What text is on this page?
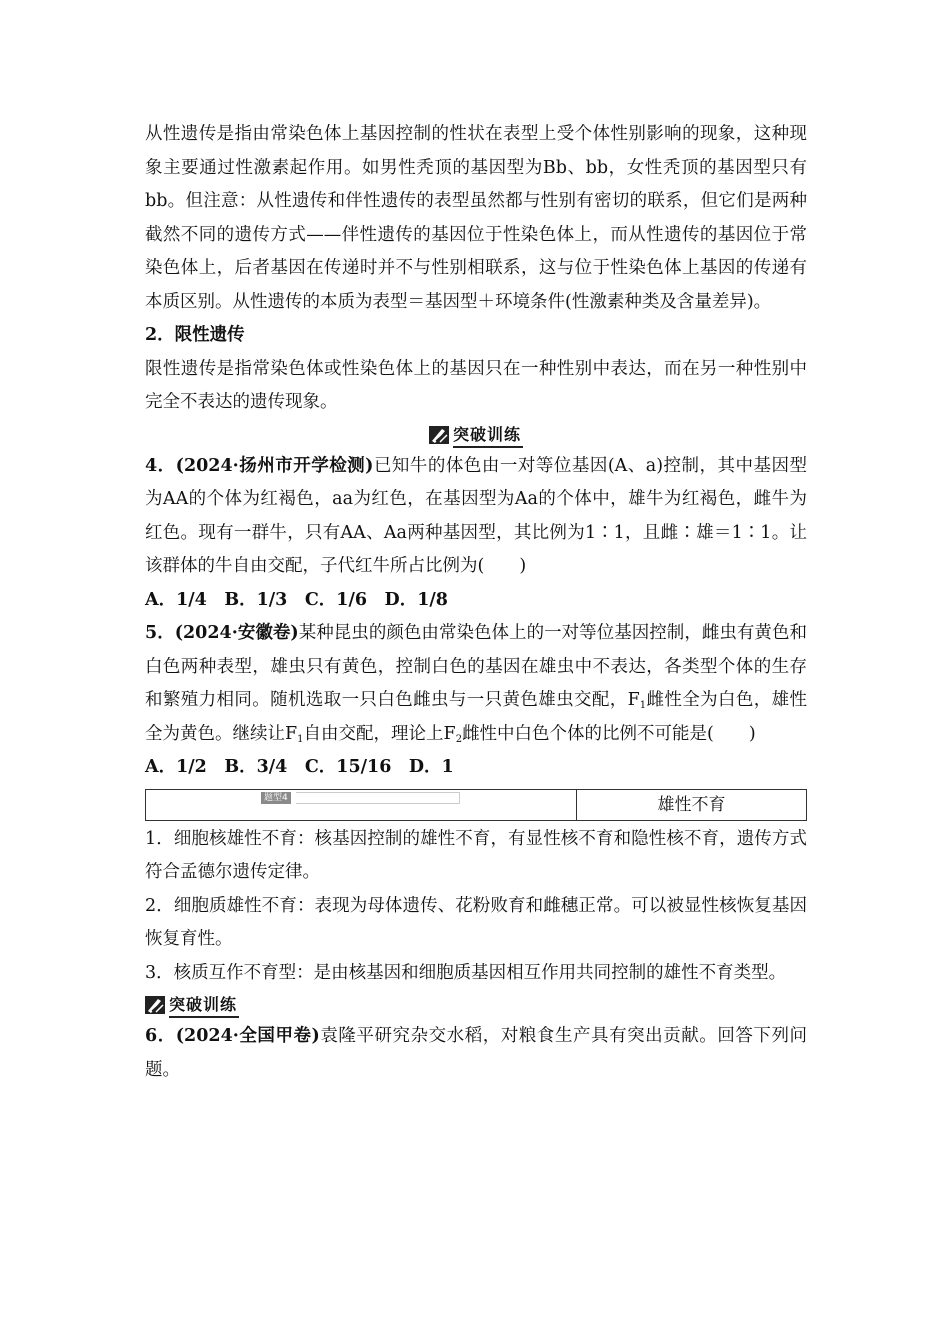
从性遗传是指由常染色体上基因控制的性状在表型上受个体性别影响的现象，这种现象主要通过性激素起作用。如男性秃顶的基因型为Bb、bb，女性秃顶的基因型只有bb。但注意：从性遗传和伴性遗传的表型虽然都与性别有密切的联系，但它们是两种截然不同的遗传方式——伴性遗传的基因位于性染色体上，而从性遗传的基因位于常染色体上，后者基因在传递时并不与性别相联系，这与位于性染色体上基因的传递有本质区别。从性遗传的本质为表型＝基因型＋环境条件(性激素种类及含量差异)。

2．限性遗传

限性遗传是指常染色体或性染色体上的基因只在一种性别中表达，而在另一种性别中完全不表达的遗传现象。

突破训练

4．(2024·扬州市开学检测)已知牛的体色由一对等位基因(A、a)控制，其中基因型为AA的个体为红褐色，aa为红色，在基因型为Aa的个体中，雄牛为红褐色，雌牛为红色。现有一群牛，只有AA、Aa两种基因型，其比例为1∶1，且雌∶雄＝1∶1。让该群体的牛自由交配，子代红牛所占比例为(　　)

A．1/4　B．1/3　C．1/6　D．1/8

5．(2024·安徽卷)某种昆虫的颜色由常染色体上的一对等位基因控制，雌虫有黄色和白色两种表型，雄虫只有黄色，控制白色的基因在雄虫中不表达，各类型个体的生存和繁殖力相同。随机选取一只白色雌虫与一只黄色雄虫交配，$F_1$雌性全为白色，雄性全为黄色。继续让$F_1$自由交配，理论上$F_2$雌性中白色个体的比例不可能是(　　)

A．1/2　B．3/4　C．15/16　D．1

题型4	雄性不育

1．细胞核雄性不育：核基因控制的雄性不育，有显性核不育和隐性核不育，遗传方式符合孟德尔遗传定律。

2．细胞质雄性不育：表现为母体遗传、花粉败育和雌穗正常。可以被显性核恢复基因恢复育性。

3．核质互作不育型：是由核基因和细胞质基因相互作用共同控制的雄性不育类型。

突破训练

6．(2024·全国甲卷)袁隆平研究杂交水稻，对粮食生产具有突出贡献。回答下列问题。
